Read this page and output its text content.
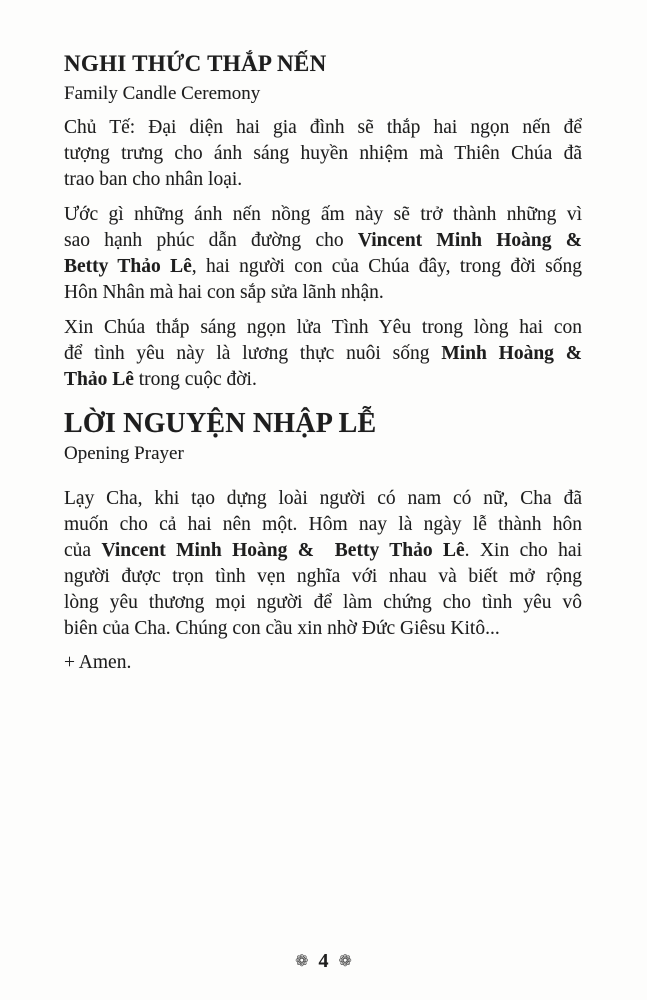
NGHI THỨC THẮP NẾN
Family Candle Ceremony
Chủ Tế: Đại diện hai gia đình sẽ thắp hai ngọn nến để
tượng trưng cho ánh sáng huyền nhiệm mà Thiên Chúa đã
trao ban cho nhân loại.
Ước gì những ánh nến nồng ấm này sẽ trở thành những vì
sao hạnh phúc dẫn đường cho Vincent Minh Hoàng &
Betty Thảo Lê, hai người con của Chúa đây, trong đời sống
Hôn Nhân mà hai con sắp sửa lãnh nhận.
Xin Chúa thắp sáng ngọn lửa Tình Yêu trong lòng hai con
để tình yêu này là lương thực nuôi sống Minh Hoàng &
Thảo Lê trong cuộc đời.
LỜI NGUYỆN NHẬP LỄ
Opening Prayer
Lạy Cha, khi tạo dựng loài người có nam có nữ, Cha đã
muốn cho cả hai nên một. Hôm nay là ngày lễ thành hôn
của Vincent Minh Hoàng &  Betty Thảo Lê. Xin cho hai
người được trọn tình vẹn nghĩa với nhau và biết mở rộng
lòng yêu thương mọi người để làm chứng cho tình yêu vô
biên của Cha. Chúng con cầu xin nhờ Đức Giêsu Kitô...
+ Amen.
❁ 4 ❁
